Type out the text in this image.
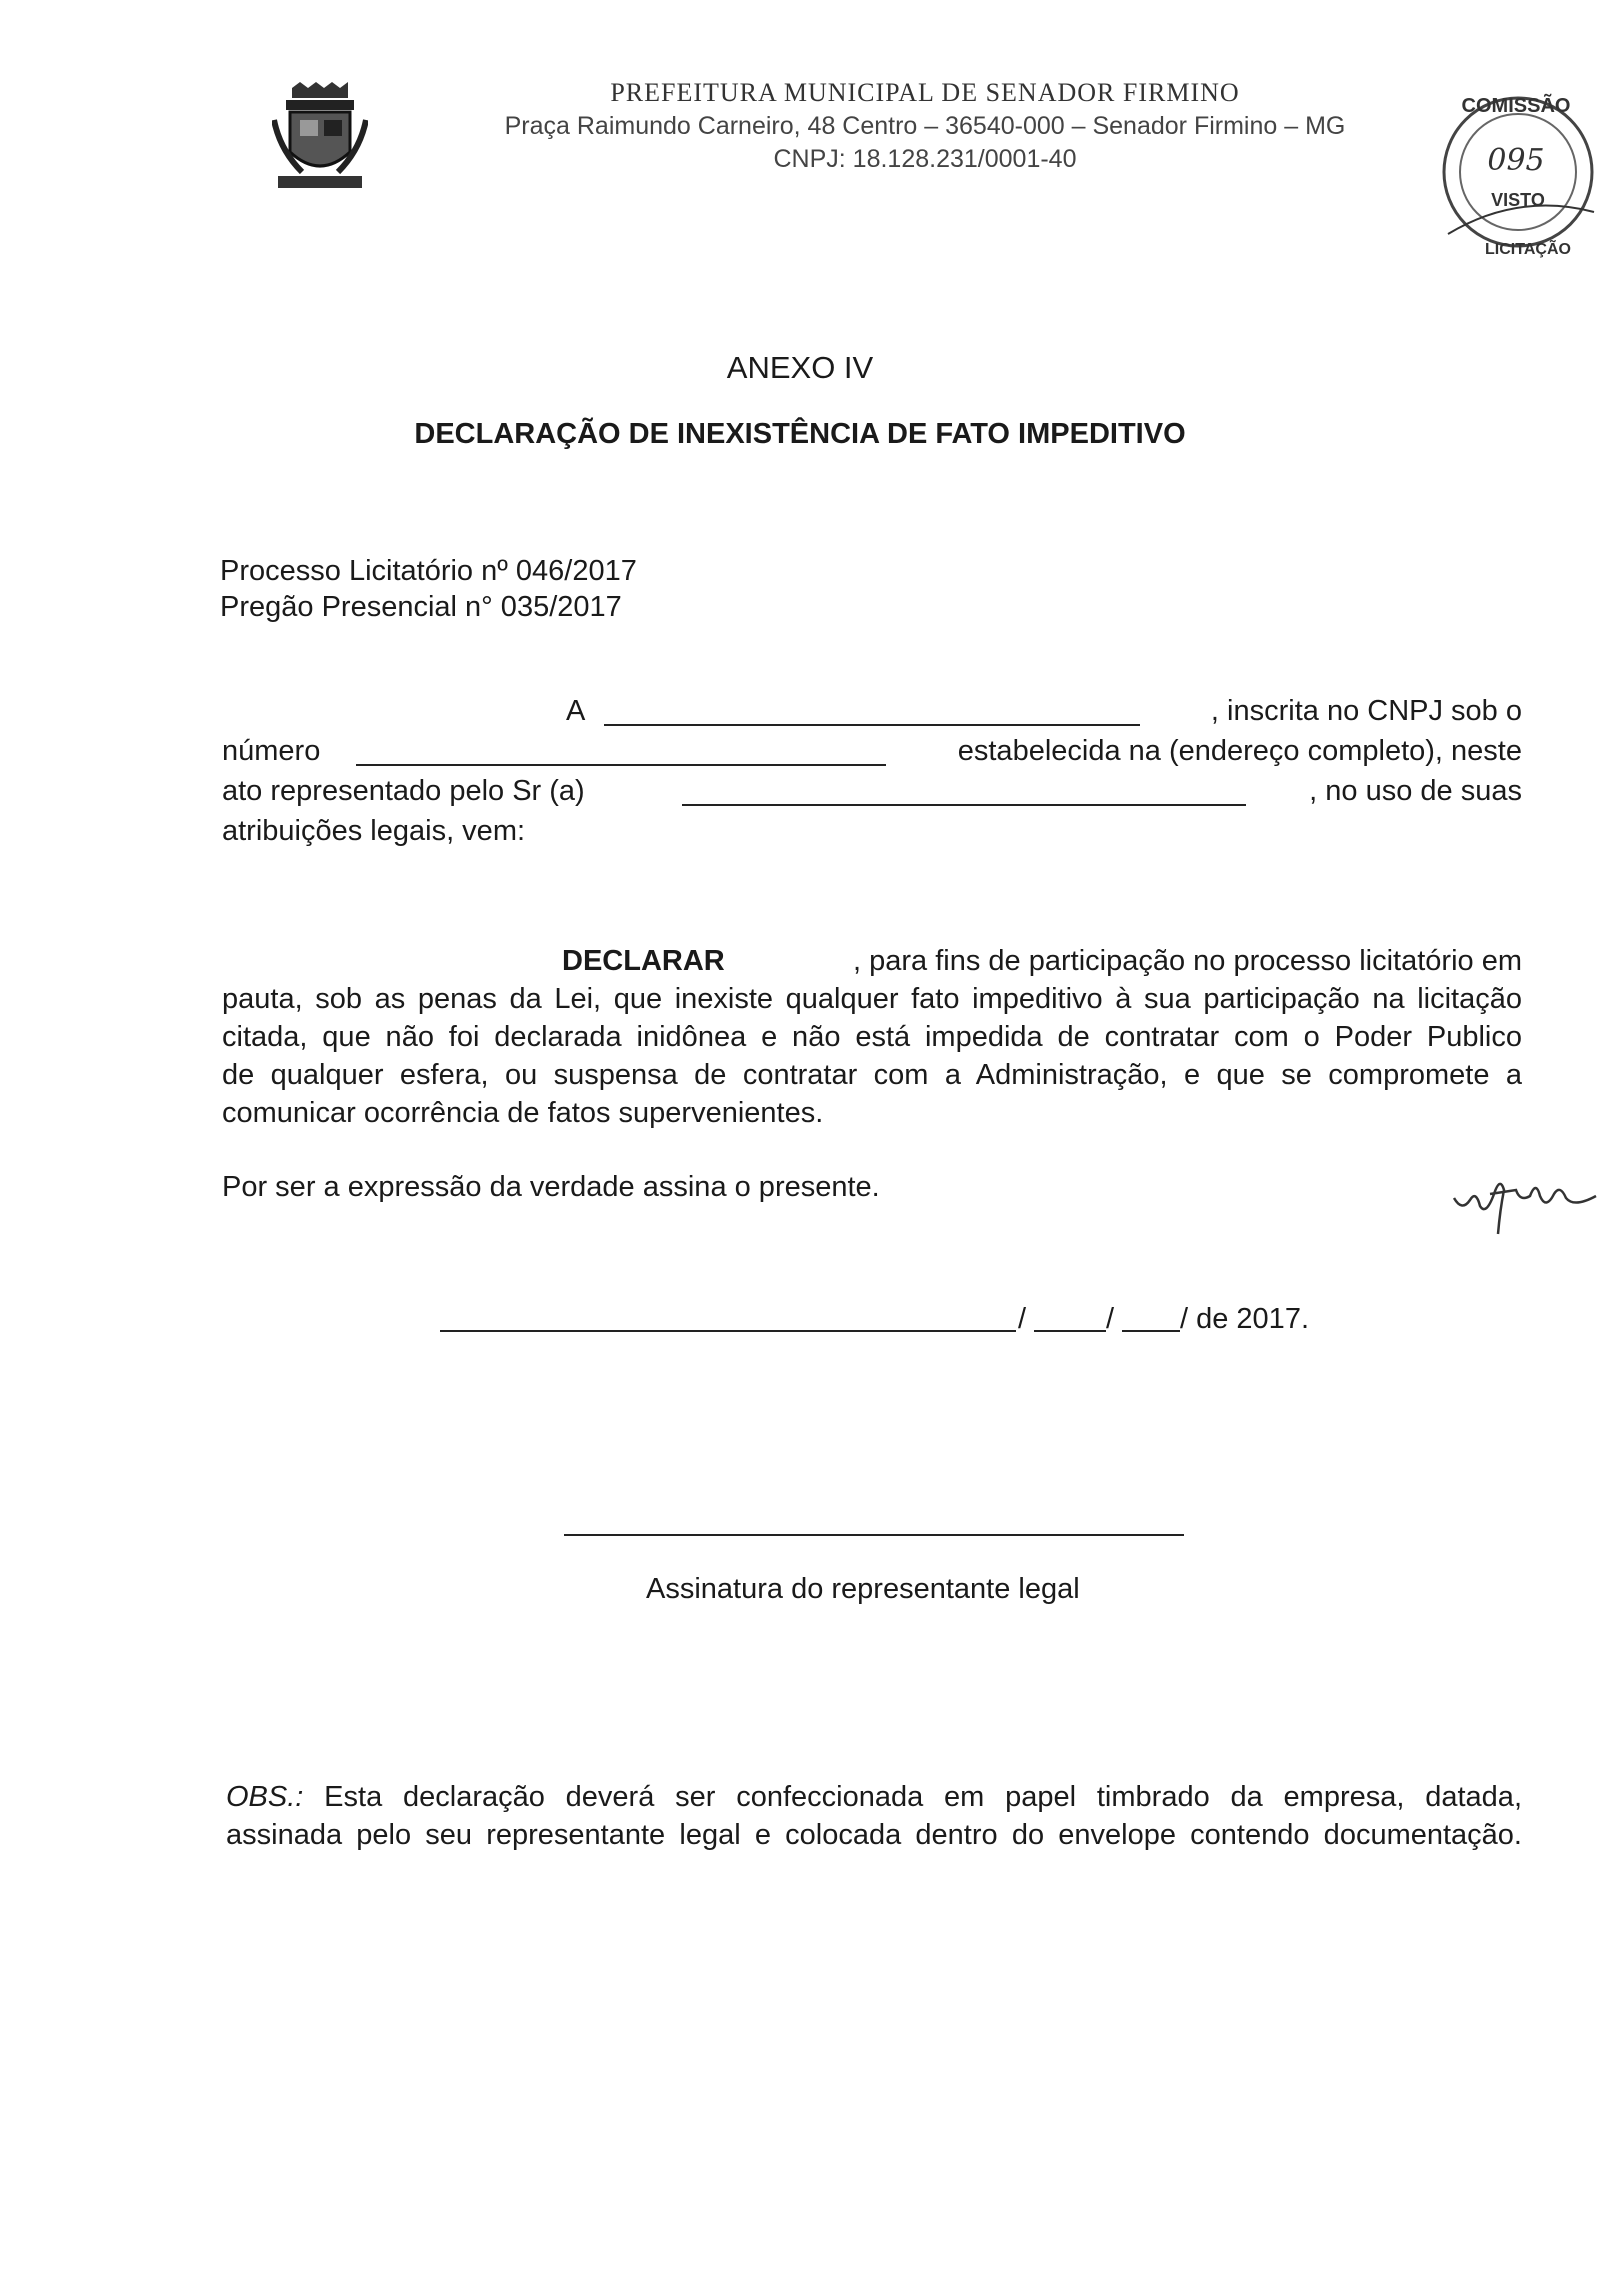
PREFEITURA MUNICIPAL DE SENADOR FIRMINO
Praça Raimundo Carneiro, 48 Centro – 36540-000 – Senador Firmino – MG
CNPJ: 18.128.231/0001-40
COMISSÃO
095
VISTO
LICITAÇÃO
ANEXO IV
DECLARAÇÃO DE INEXISTÊNCIA DE FATO IMPEDITIVO
Processo Licitatório nº 046/2017
Pregão Presencial n° 035/2017
A	, inscrita no CNPJ sob o
número	estabelecida na (endereço completo), neste
ato representado pelo Sr (a)	, no uso de suas
atribuições legais, vem:
DECLARAR	, para fins de participação no processo licitatório em
pauta, sob as penas da Lei, que inexiste qualquer fato impeditivo à sua participação na licitação
citada, que não foi declarada inidônea e não está impedida de contratar com o Poder Publico
de qualquer esfera, ou suspensa de contratar com a Administração, e que se compromete a
comunicar ocorrência de fatos supervenientes.
Por ser a expressão da verdade assina o presente.
/	/ / de 2017.
Assinatura do representante legal
OBS.: Esta declaração deverá ser confeccionada em papel timbrado da empresa, datada,
assinada pelo seu representante legal e colocada dentro do envelope contendo documentação.
